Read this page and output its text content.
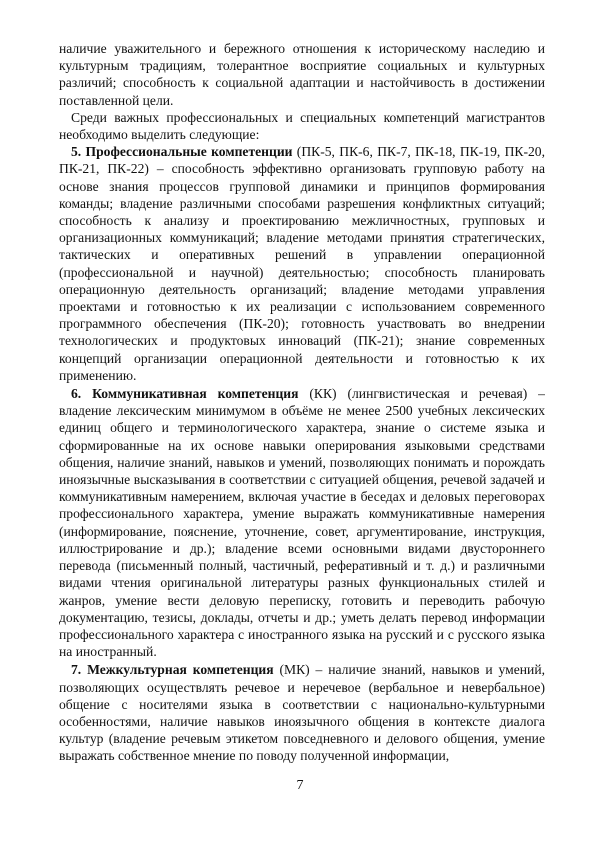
наличие уважительного и бережного отношения к историческому наследию и культурным традициям, толерантное восприятие социальных и культурных различий; способность к социальной адаптации и настойчивость в достижении поставленной цели.

Среди важных профессиональных и специальных компетенций магистрантов необходимо выделить следующие:

5. Профессиональные компетенции (ПК-5, ПК-6, ПК-7, ПК-18, ПК-19, ПК-20, ПК-21, ПК-22) – способность эффективно организовать групповую работу на основе знания процессов групповой динамики и принципов формирования команды; владение различными способами разрешения конфликтных ситуаций; способность к анализу и проектированию межличностных, групповых и организационных коммуникаций; владение методами принятия стратегических, тактических и оперативных решений в управлении операционной (профессиональной и научной) деятельностью; способность планировать операционную деятельность организаций; владение методами управления проектами и готовностью к их реализации с использованием современного программного обеспечения (ПК-20); готовность участвовать во внедрении технологических и продуктовых инноваций (ПК-21); знание современных концепций организации операционной деятельности и готовностью к их применению.

6. Коммуникативная компетенция (КК) (лингвистическая и речевая) – владение лексическим минимумом в объёме не менее 2500 учебных лексических единиц общего и терминологического характера, знание о системе языка и сформированные на их основе навыки оперирования языковыми средствами общения, наличие знаний, навыков и умений, позволяющих понимать и порождать иноязычные высказывания в соответствии с ситуацией общения, речевой задачей и коммуникативным намерением, включая участие в беседах и деловых переговорах профессионального характера, умение выражать коммуникативные намерения (информирование, пояснение, уточнение, совет, аргументирование, инструкция, иллюстрирование и др.); владение всеми основными видами двустороннего перевода (письменный полный, частичный, реферативный и т. д.) и различными видами чтения оригинальной литературы разных функциональных стилей и жанров, умение вести деловую переписку, готовить и переводить рабочую документацию, тезисы, доклады, отчеты и др.; уметь делать перевод информации профессионального характера с иностранного языка на русский и с русского языка на иностранный.

7. Межкультурная компетенция (МК) – наличие знаний, навыков и умений, позволяющих осуществлять речевое и неречевое (вербальное и невербальное) общение с носителями языка в соответствии с национально-культурными особенностями, наличие навыков иноязычного общения в контексте диалога культур (владение речевым этикетом повседневного и делового общения, умение выражать собственное мнение по поводу полученной информации,

7
